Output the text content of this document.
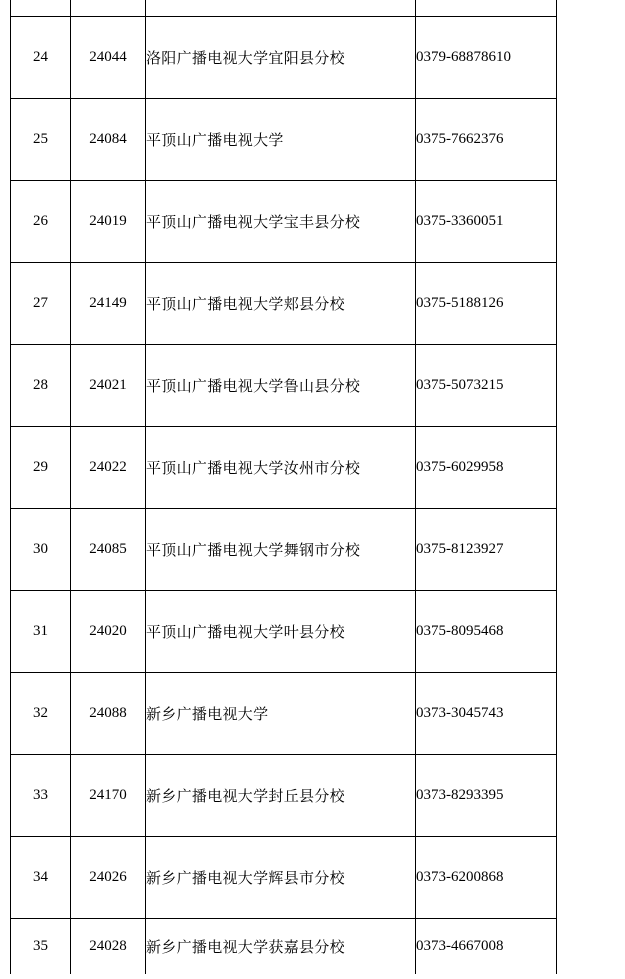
24	24044	洛阳广播电视大学宜阳县分校	0379-68878610
25	24084	平顶山广播电视大学	0375-7662376
26	24019	平顶山广播电视大学宝丰县分校	0375-3360051
27	24149	平顶山广播电视大学郏县分校	0375-5188126
28	24021	平顶山广播电视大学鲁山县分校	0375-5073215
29	24022	平顶山广播电视大学汝州市分校	0375-6029958
30	24085	平顶山广播电视大学舞钢市分校	0375-8123927
31	24020	平顶山广播电视大学叶县分校	0375-8095468
32	24088	新乡广播电视大学	0373-3045743
33	24170	新乡广播电视大学封丘县分校	0373-8293395
34	24026	新乡广播电视大学辉县市分校	0373-6200868
35	24028	新乡广播电视大学获嘉县分校	0373-4667008
